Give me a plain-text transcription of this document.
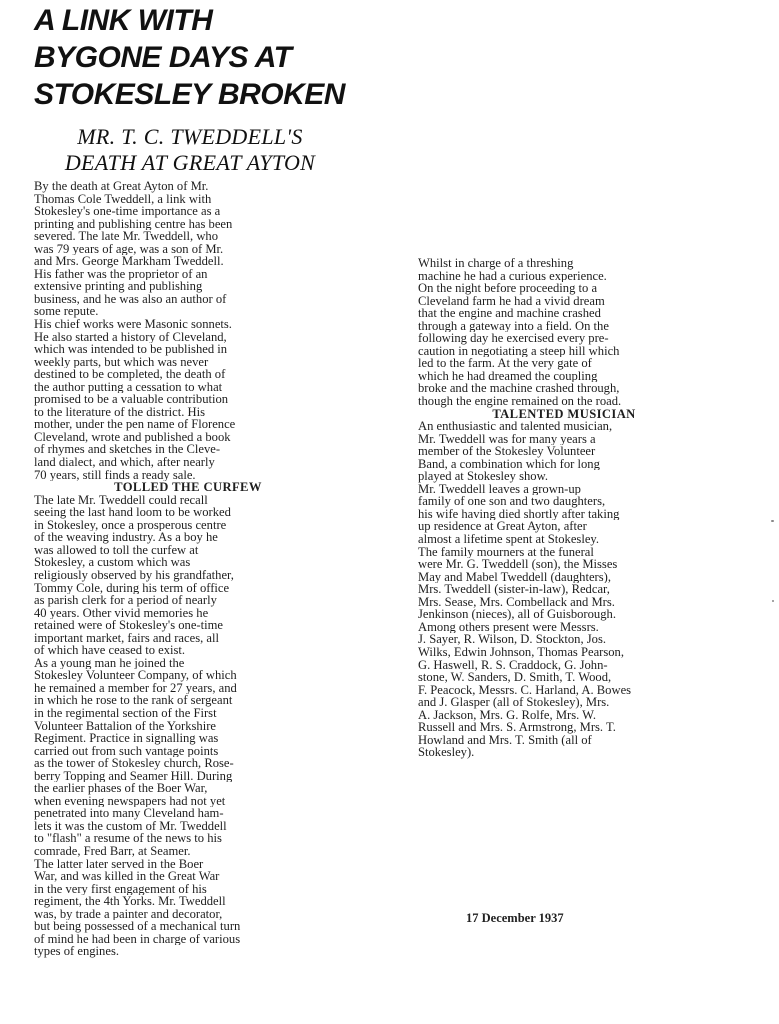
A LINK WITH
BYGONE DAYS AT
STOKESLEY BROKEN
MR. T. C. TWEDDELL'S
DEATH AT GREAT AYTON
By the death at Great Ayton of Mr.
Thomas Cole Tweddell, a link with
Stokesley's one-time importance as a
printing and publishing centre has been
severed. The late Mr. Tweddell, who
was 79 years of age, was a son of Mr.
and Mrs. George Markham Tweddell.
His father was the proprietor of an
extensive printing and publishing
business, and he was also an author of
some repute.
His chief works were Masonic sonnets.
He also started a history of Cleveland,
which was intended to be published in
weekly parts, but which was never
destined to be completed, the death of
the author putting a cessation to what
promised to be a valuable contribution
to the literature of the district. His
mother, under the pen name of Florence
Cleveland, wrote and published a book
of rhymes and sketches in the Cleve-
land dialect, and which, after nearly
70 years, still finds a ready sale.
TOLLED THE CURFEW
The late Mr. Tweddell could recall
seeing the last hand loom to be worked
in Stokesley, once a prosperous centre
of the weaving industry. As a boy he
was allowed to toll the curfew at
Stokesley, a custom which was
religiously observed by his grandfather,
Tommy Cole, during his term of office
as parish clerk for a period of nearly
40 years. Other vivid memories he
retained were of Stokesley's one-time
important market, fairs and races, all
of which have ceased to exist.
As a young man he joined the
Stokesley Volunteer Company, of which
he remained a member for 27 years, and
in which he rose to the rank of sergeant
in the regimental section of the First
Volunteer Battalion of the Yorkshire
Regiment. Practice in signalling was
carried out from such vantage points
as the tower of Stokesley church, Rose-
berry Topping and Seamer Hill. During
the earlier phases of the Boer War,
when evening newspapers had not yet
penetrated into many Cleveland ham-
lets it was the custom of Mr. Tweddell
to "flash" a resume of the news to his
comrade, Fred Barr, at Seamer.
The latter later served in the Boer
War, and was killed in the Great War
in the very first engagement of his
regiment, the 4th Yorks. Mr. Tweddell
was, by trade a painter and decorator,
but being possessed of a mechanical turn
of mind he had been in charge of various
types of engines.
Whilst in charge of a threshing
machine he had a curious experience.
On the night before proceeding to a
Cleveland farm he had a vivid dream
that the engine and machine crashed
through a gateway into a field. On the
following day he exercised every pre-
caution in negotiating a steep hill which
led to the farm. At the very gate of
which he had dreamed the coupling
broke and the machine crashed through,
though the engine remained on the road.
TALENTED MUSICIAN
An enthusiastic and talented musician,
Mr. Tweddell was for many years a
member of the Stokesley Volunteer
Band, a combination which for long
played at Stokesley show.
Mr. Tweddell leaves a grown-up
family of one son and two daughters,
his wife having died shortly after taking
up residence at Great Ayton, after
almost a lifetime spent at Stokesley.
The family mourners at the funeral
were Mr. G. Tweddell (son), the Misses
May and Mabel Tweddell (daughters),
Mrs. Tweddell (sister-in-law), Redcar,
Mrs. Sease, Mrs. Combellack and Mrs.
Jenkinson (nieces), all of Guisborough.
Among others present were Messrs.
J. Sayer, R. Wilson, D. Stockton, Jos.
Wilks, Edwin Johnson, Thomas Pearson,
G. Haswell, R. S. Craddock, G. John-
stone, W. Sanders, D. Smith, T. Wood,
F. Peacock, Messrs. C. Harland, A. Bowes
and J. Glasper (all of Stokesley), Mrs.
A. Jackson, Mrs. G. Rolfe, Mrs. W.
Russell and Mrs. S. Armstrong, Mrs. T.
Howland and Mrs. T. Smith (all of
Stokesley).
17 December 1937
